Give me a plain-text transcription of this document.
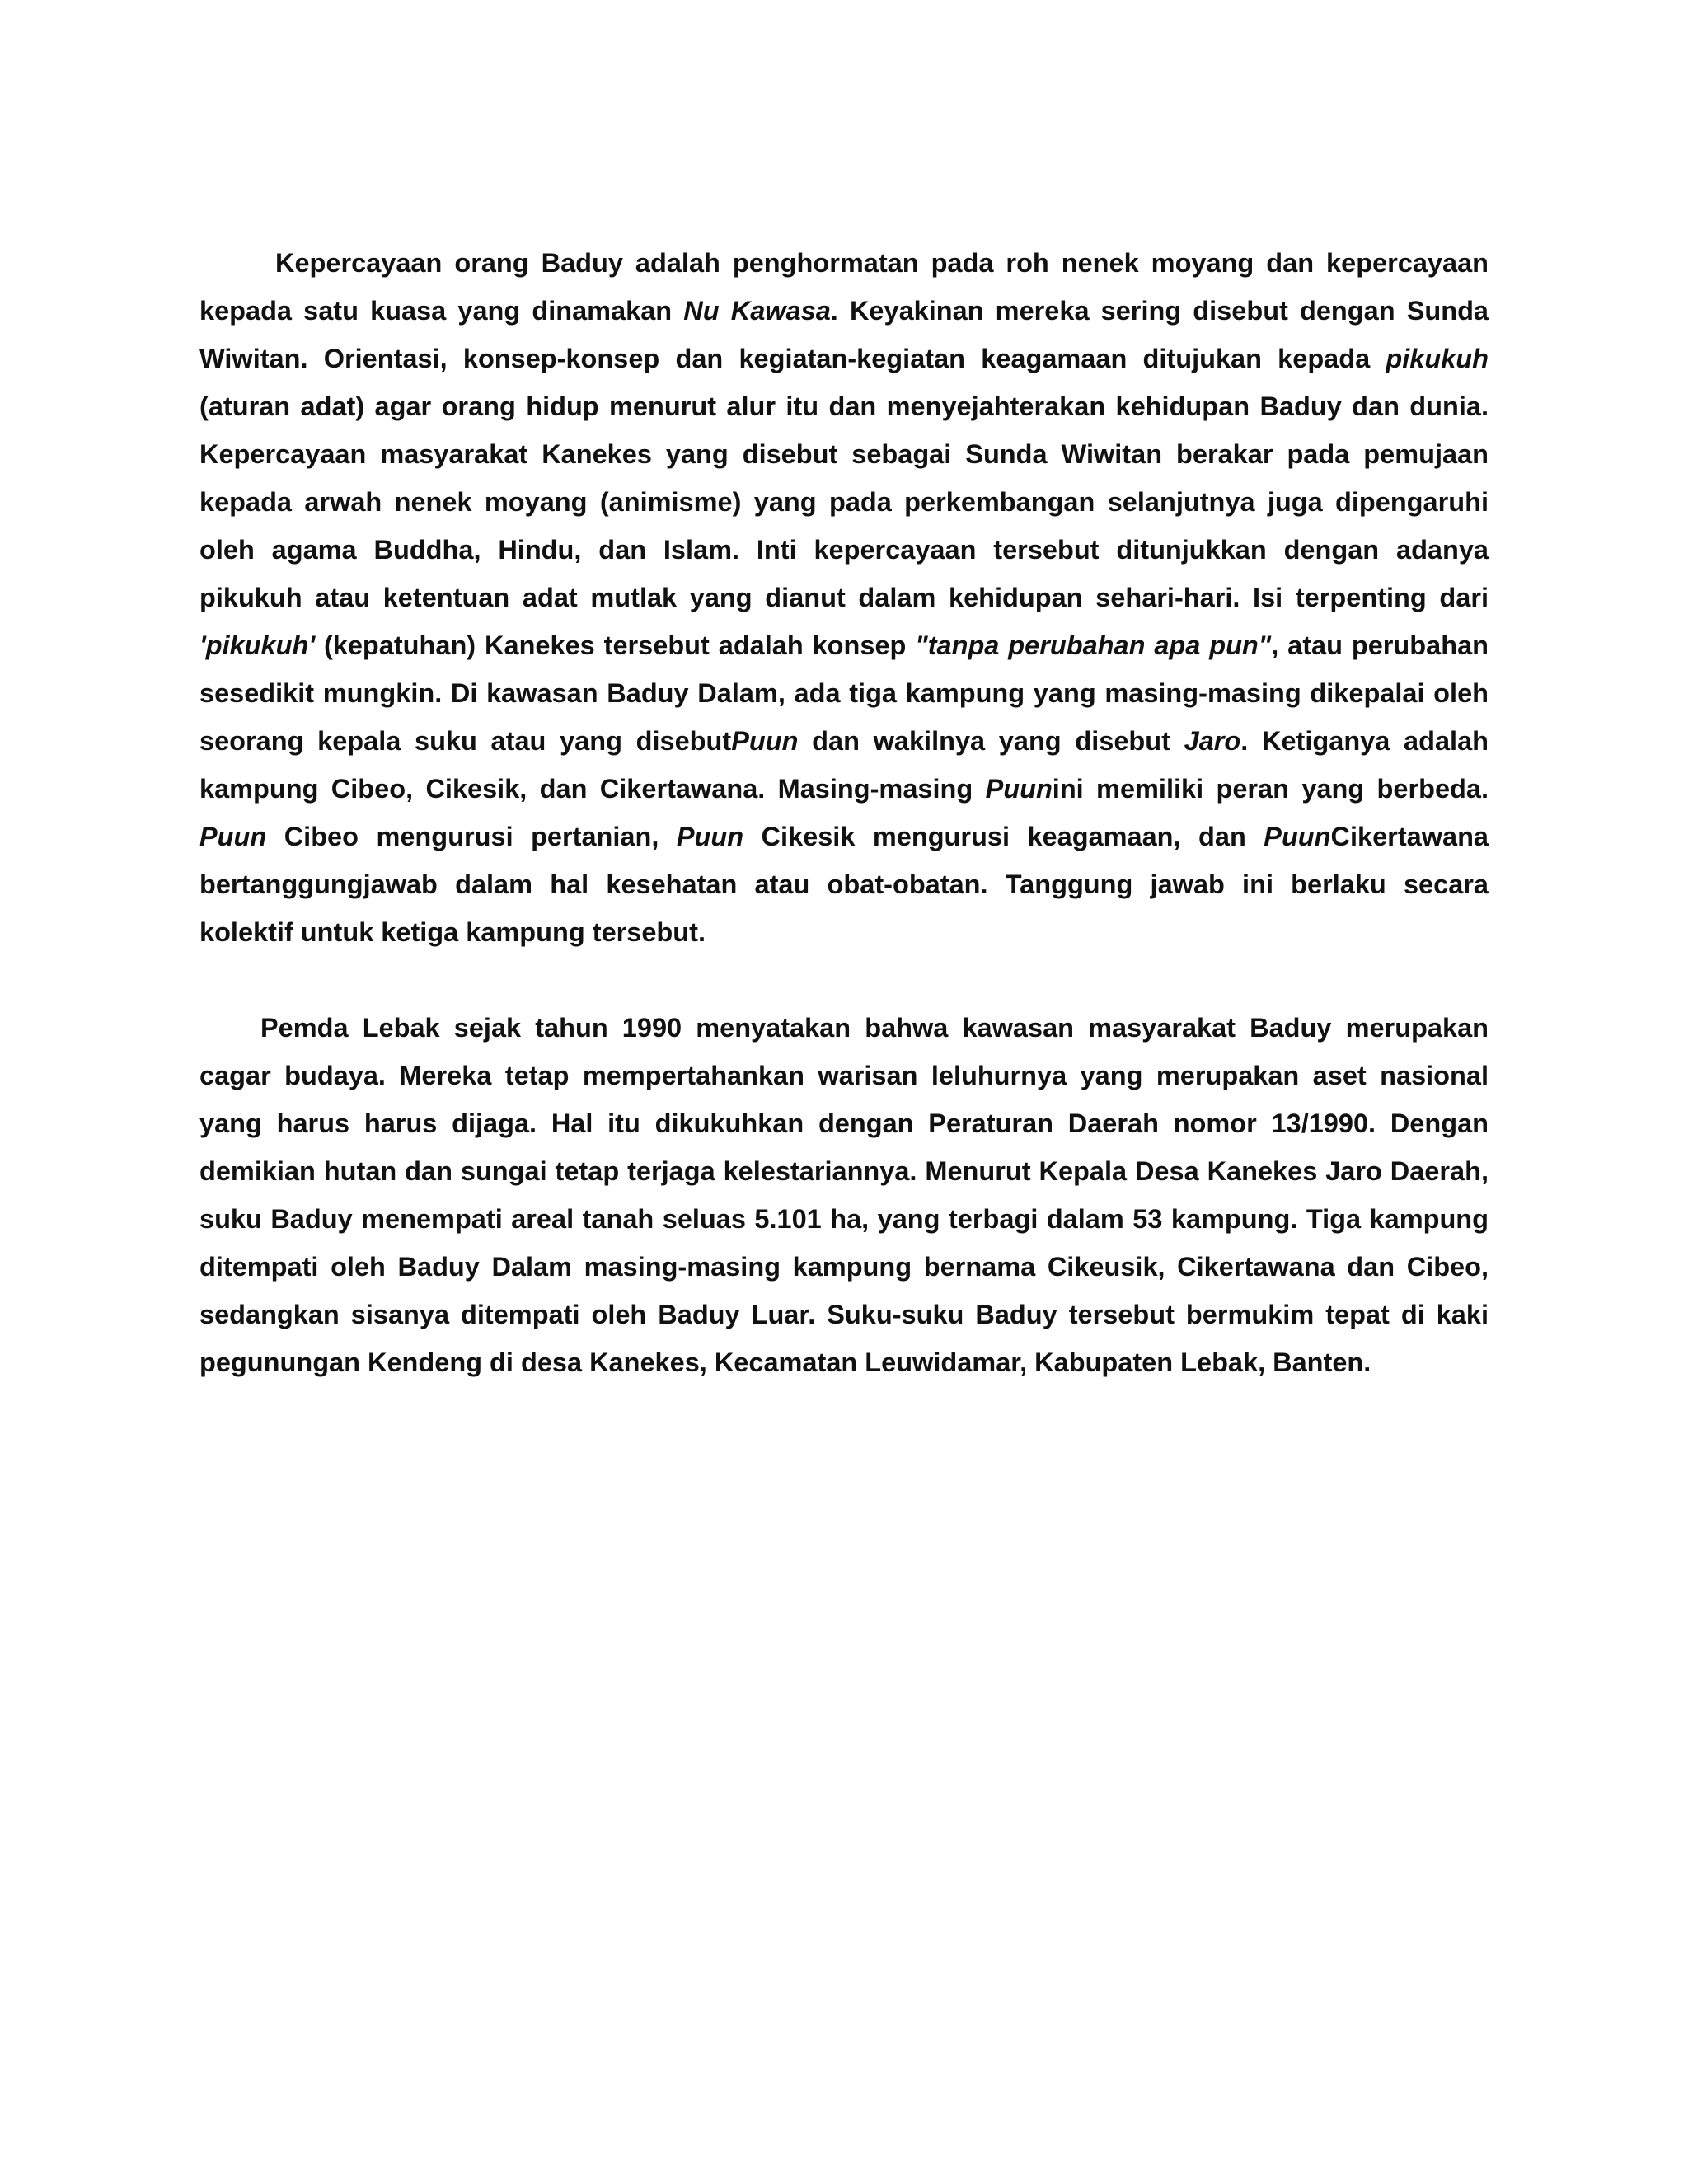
Kepercayaan orang Baduy adalah penghormatan pada roh nenek moyang dan kepercayaan kepada satu kuasa yang dinamakan Nu Kawasa. Keyakinan mereka sering disebut dengan Sunda Wiwitan. Orientasi, konsep-konsep dan kegiatan-kegiatan keagamaan ditujukan kepada pikukuh (aturan adat) agar orang hidup menurut alur itu dan menyejahterakan kehidupan Baduy dan dunia. Kepercayaan masyarakat Kanekes yang disebut sebagai Sunda Wiwitan berakar pada pemujaan kepada arwah nenek moyang (animisme) yang pada perkembangan selanjutnya juga dipengaruhi oleh agama Buddha, Hindu, dan Islam. Inti kepercayaan tersebut ditunjukkan dengan adanya pikukuh atau ketentuan adat mutlak yang dianut dalam kehidupan sehari-hari. Isi terpenting dari 'pikukuh' (kepatuhan) Kanekes tersebut adalah konsep "tanpa perubahan apa pun", atau perubahan sesedikit mungkin. Di kawasan Baduy Dalam, ada tiga kampung yang masing-masing dikepalai oleh seorang kepala suku atau yang disebutPuun dan wakilnya yang disebut Jaro. Ketiganya adalah kampung Cibeo, Cikesik, dan Cikertawana. Masing-masing Puunini memiliki peran yang berbeda. Puun Cibeo mengurusi pertanian, Puun Cikesik mengurusi keagamaan, dan PuunCikertawana bertanggungjawab dalam hal kesehatan atau obat-obatan. Tanggung jawab ini berlaku secara kolektif untuk ketiga kampung tersebut.

Pemda Lebak sejak tahun 1990 menyatakan bahwa kawasan masyarakat Baduy merupakan cagar budaya. Mereka tetap mempertahankan warisan leluhurnya yang merupakan aset nasional yang harus harus dijaga. Hal itu dikukuhkan dengan Peraturan Daerah nomor 13/1990. Dengan demikian hutan dan sungai tetap terjaga kelestariannya. Menurut Kepala Desa Kanekes Jaro Daerah, suku Baduy menempati areal tanah seluas 5.101 ha, yang terbagi dalam 53 kampung. Tiga kampung ditempati oleh Baduy Dalam masing-masing kampung bernama Cikeusik, Cikertawana dan Cibeo, sedangkan sisanya ditempati oleh Baduy Luar. Suku-suku Baduy tersebut bermukim tepat di kaki pegunungan Kendeng di desa Kanekes, Kecamatan Leuwidamar, Kabupaten Lebak, Banten.
